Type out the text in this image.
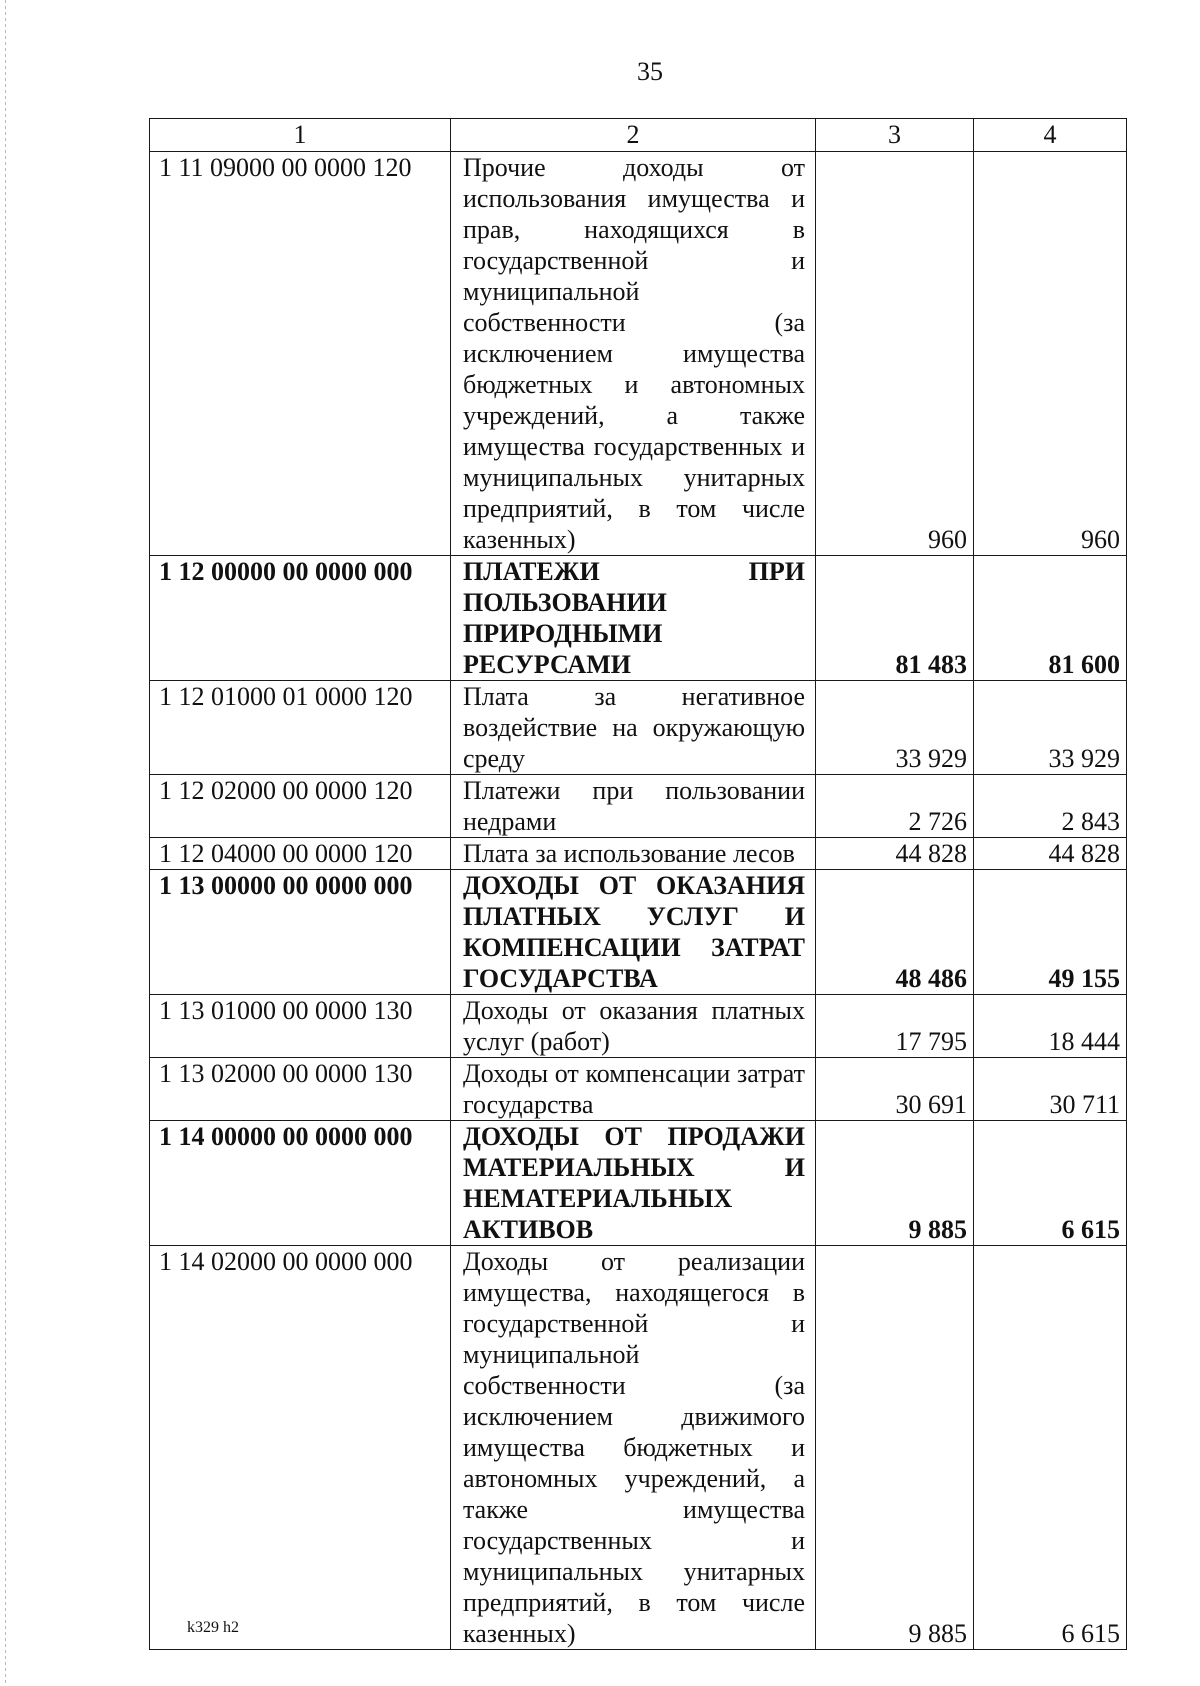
35
1	2	3	4
1 11 09000 00 0000 120	Прочие доходы от использования имущества и прав, находящихся в государственной и муниципальной собственности (за исключением имущества бюджетных и автономных учреждений, а также имущества государственных и муниципальных унитарных предприятий, в том числе казенных)	960	960
1 12 00000 00 0000 000	ПЛАТЕЖИ ПРИ ПОЛЬЗОВАНИИ ПРИРОДНЫМИ РЕСУРСАМИ	81 483	81 600
1 12 01000 01 0000 120	Плата за негативное воздействие на окружающую среду	33 929	33 929
1 12 02000 00 0000 120	Платежи при пользовании недрами	2 726	2 843
1 12 04000 00 0000 120	Плата за использование лесов	44 828	44 828
1 13 00000 00 0000 000	ДОХОДЫ ОТ ОКАЗАНИЯ ПЛАТНЫХ УСЛУГ И КОМПЕНСАЦИИ ЗАТРАТ ГОСУДАРСТВА	48 486	49 155
1 13 01000 00 0000 130	Доходы от оказания платных услуг (работ)	17 795	18 444
1 13 02000 00 0000 130	Доходы от компенсации затрат государства	30 691	30 711
1 14 00000 00 0000 000	ДОХОДЫ ОТ ПРОДАЖИ МАТЕРИАЛЬНЫХ И НЕМАТЕРИАЛЬНЫХ АКТИВОВ	9 885	6 615
1 14 02000 00 0000 000	Доходы от реализации имущества, находящегося в государственной и муниципальной собственности (за исключением движимого имущества бюджетных и автономных учреждений, а также имущества государственных и муниципальных унитарных предприятий, в том числе казенных)	9 885	6 615
k329 h2
